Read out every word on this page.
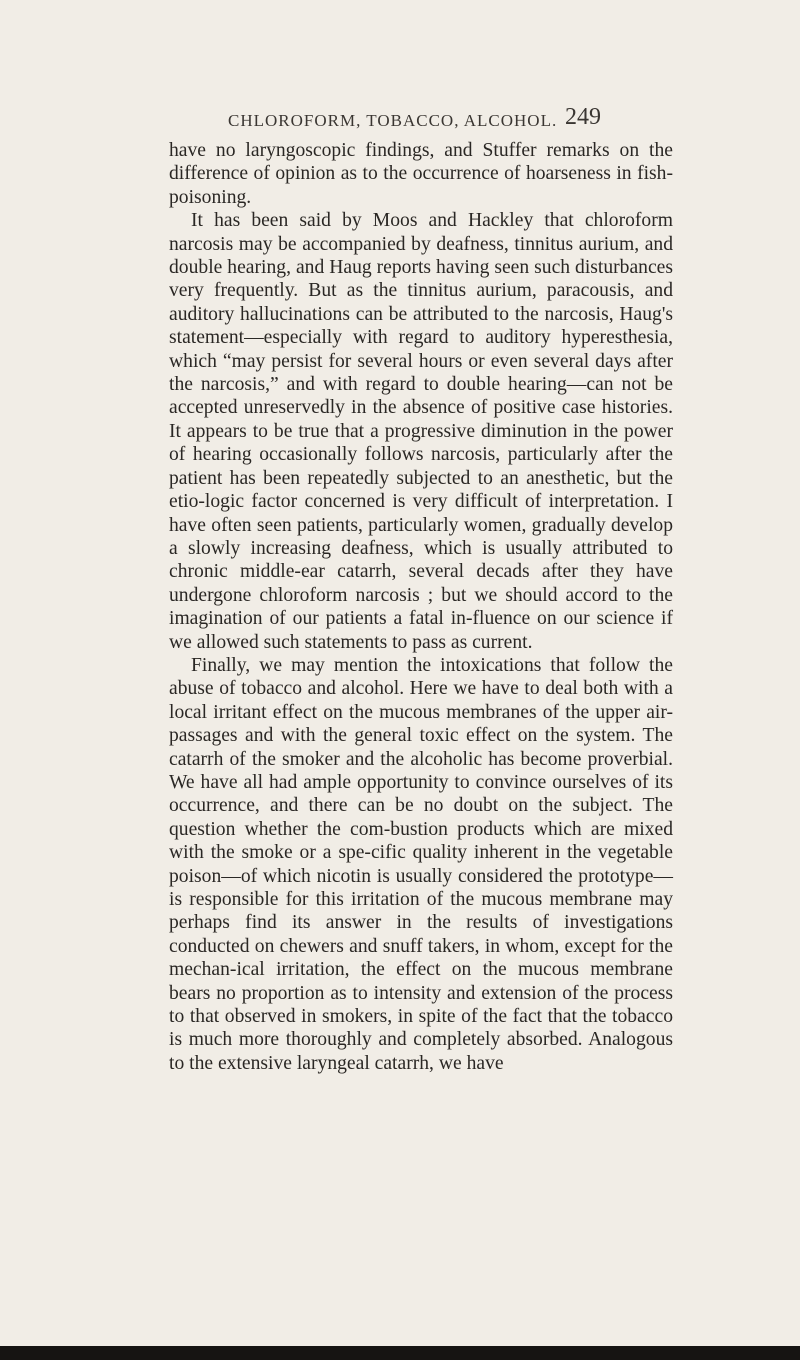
CHLOROFORM, TOBACCO, ALCOHOL. 249

have no laryngoscopic findings, and Stuffer remarks on the difference of opinion as to the occurrence of hoarseness in fish-poisoning.

It has been said by Moos and Hackley that chloroform narcosis may be accompanied by deafness, tinnitus aurium, and double hearing, and Haug reports having seen such disturbances very frequently. But as the tinnitus aurium, paracousis, and auditory hallucinations can be attributed to the narcosis, Haug's statement—especially with regard to auditory hyperesthesia, which “may persist for several hours or even several days after the narcosis,” and with regard to double hearing—can not be accepted unreservedly in the absence of positive case histories. It appears to be true that a progressive diminution in the power of hearing occasionally follows narcosis, particularly after the patient has been repeatedly subjected to an anesthetic, but the etio-logic factor concerned is very difficult of interpretation. I have often seen patients, particularly women, gradually develop a slowly increasing deafness, which is usually attributed to chronic middle-ear catarrh, several decads after they have undergone chloroform narcosis ; but we should accord to the imagination of our patients a fatal in-fluence on our science if we allowed such statements to pass as current.

Finally, we may mention the intoxications that follow the abuse of tobacco and alcohol. Here we have to deal both with a local irritant effect on the mucous membranes of the upper air-passages and with the general toxic effect on the system. The catarrh of the smoker and the alcoholic has become proverbial. We have all had ample opportunity to convince ourselves of its occurrence, and there can be no doubt on the subject. The question whether the com-bustion products which are mixed with the smoke or a spe-cific quality inherent in the vegetable poison—of which nicotin is usually considered the prototype—is responsible for this irritation of the mucous membrane may perhaps find its answer in the results of investigations conducted on chewers and snuff takers, in whom, except for the mechan-ical irritation, the effect on the mucous membrane bears no proportion as to intensity and extension of the process to that observed in smokers, in spite of the fact that the tobacco is much more thoroughly and completely absorbed. Analogous to the extensive laryngeal catarrh, we have
